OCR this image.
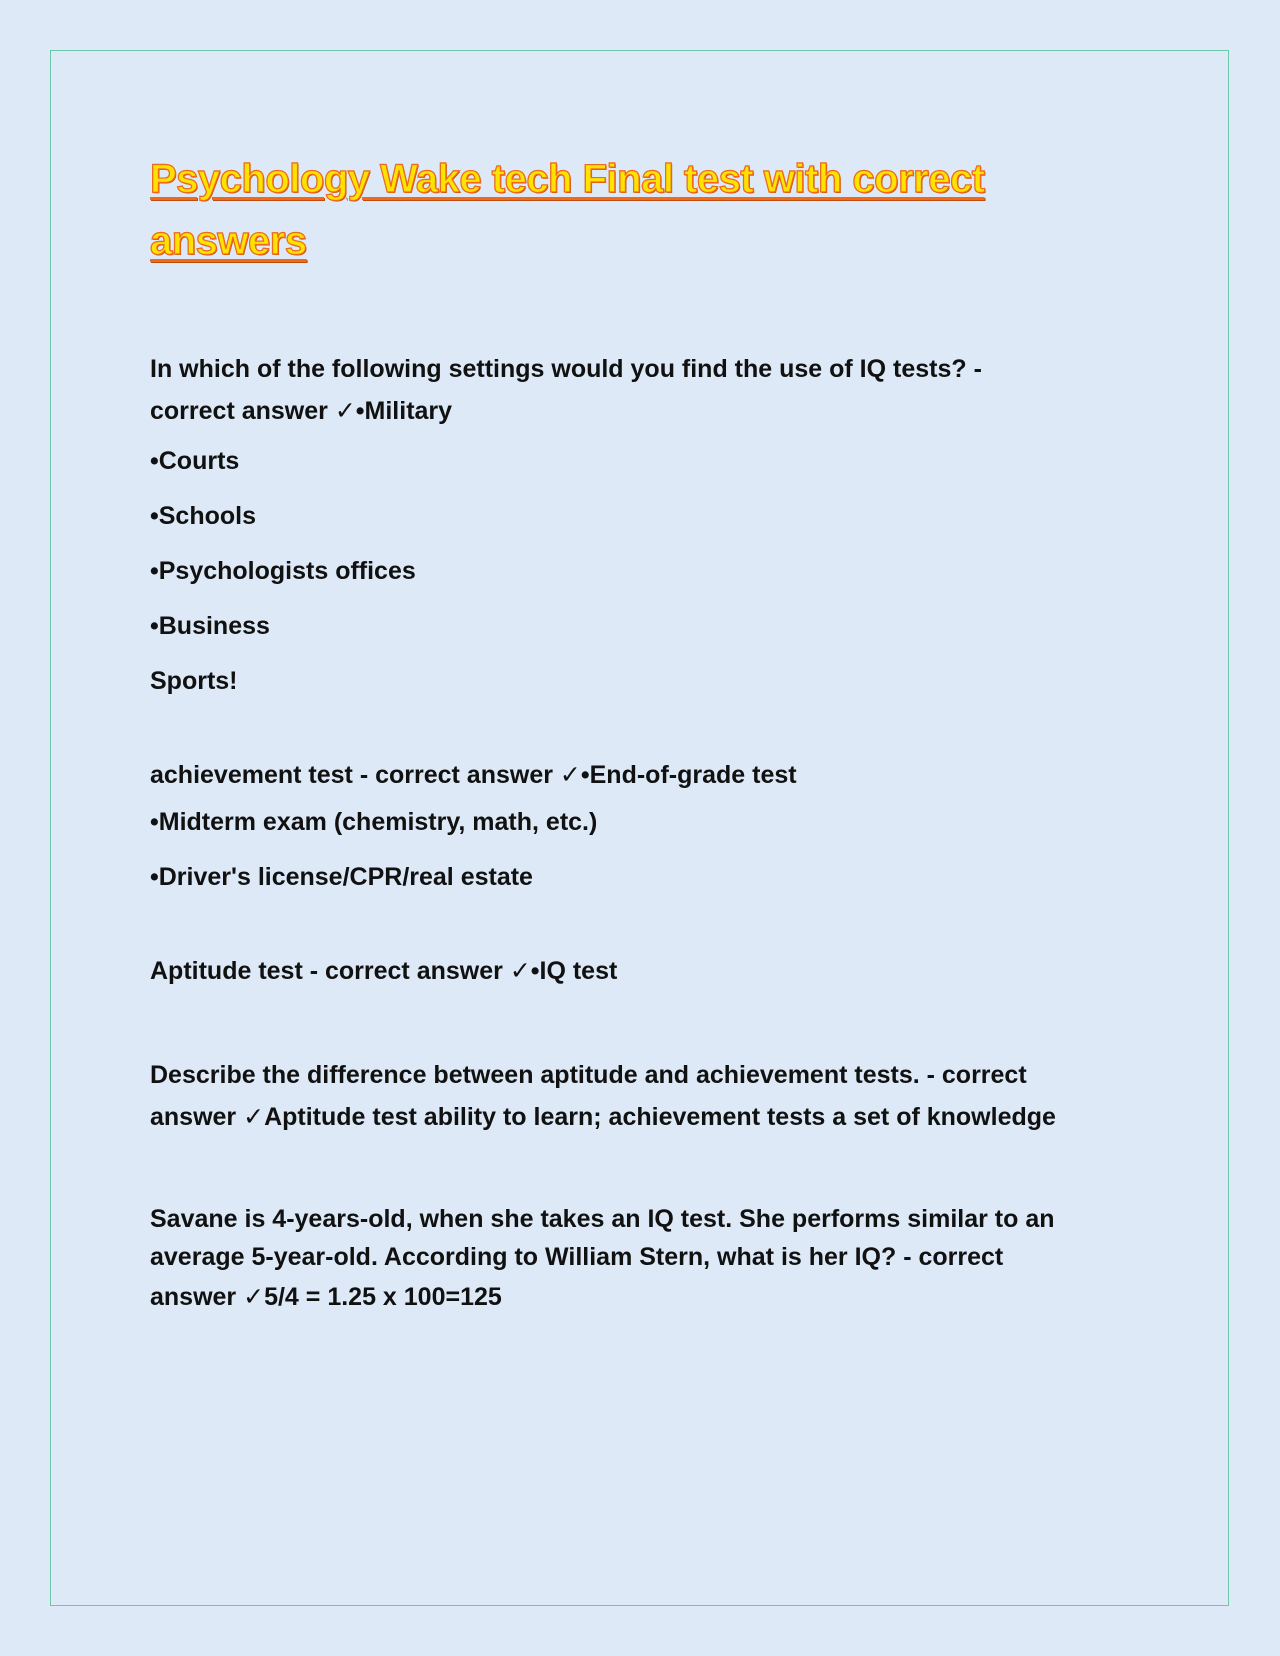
Psychology Wake tech Final test with correct answers

In which of the following settings would you find the use of IQ tests? -

correct answer ✓•Military

•Courts

•Schools

•Psychologists offices

•Business

Sports!

achievement test - correct answer ✓•End-of-grade test

•Midterm exam (chemistry, math, etc.)

•Driver's license/CPR/real estate

Aptitude test - correct answer ✓•IQ test

Describe the difference between aptitude and achievement tests. - correct

answer ✓Aptitude test ability to learn; achievement tests a set of knowledge

Savane is 4-years-old, when she takes an IQ test. She performs similar to an

average 5-year-old. According to William Stern, what is her IQ? - correct

answer ✓5/4 = 1.25 x 100=125
